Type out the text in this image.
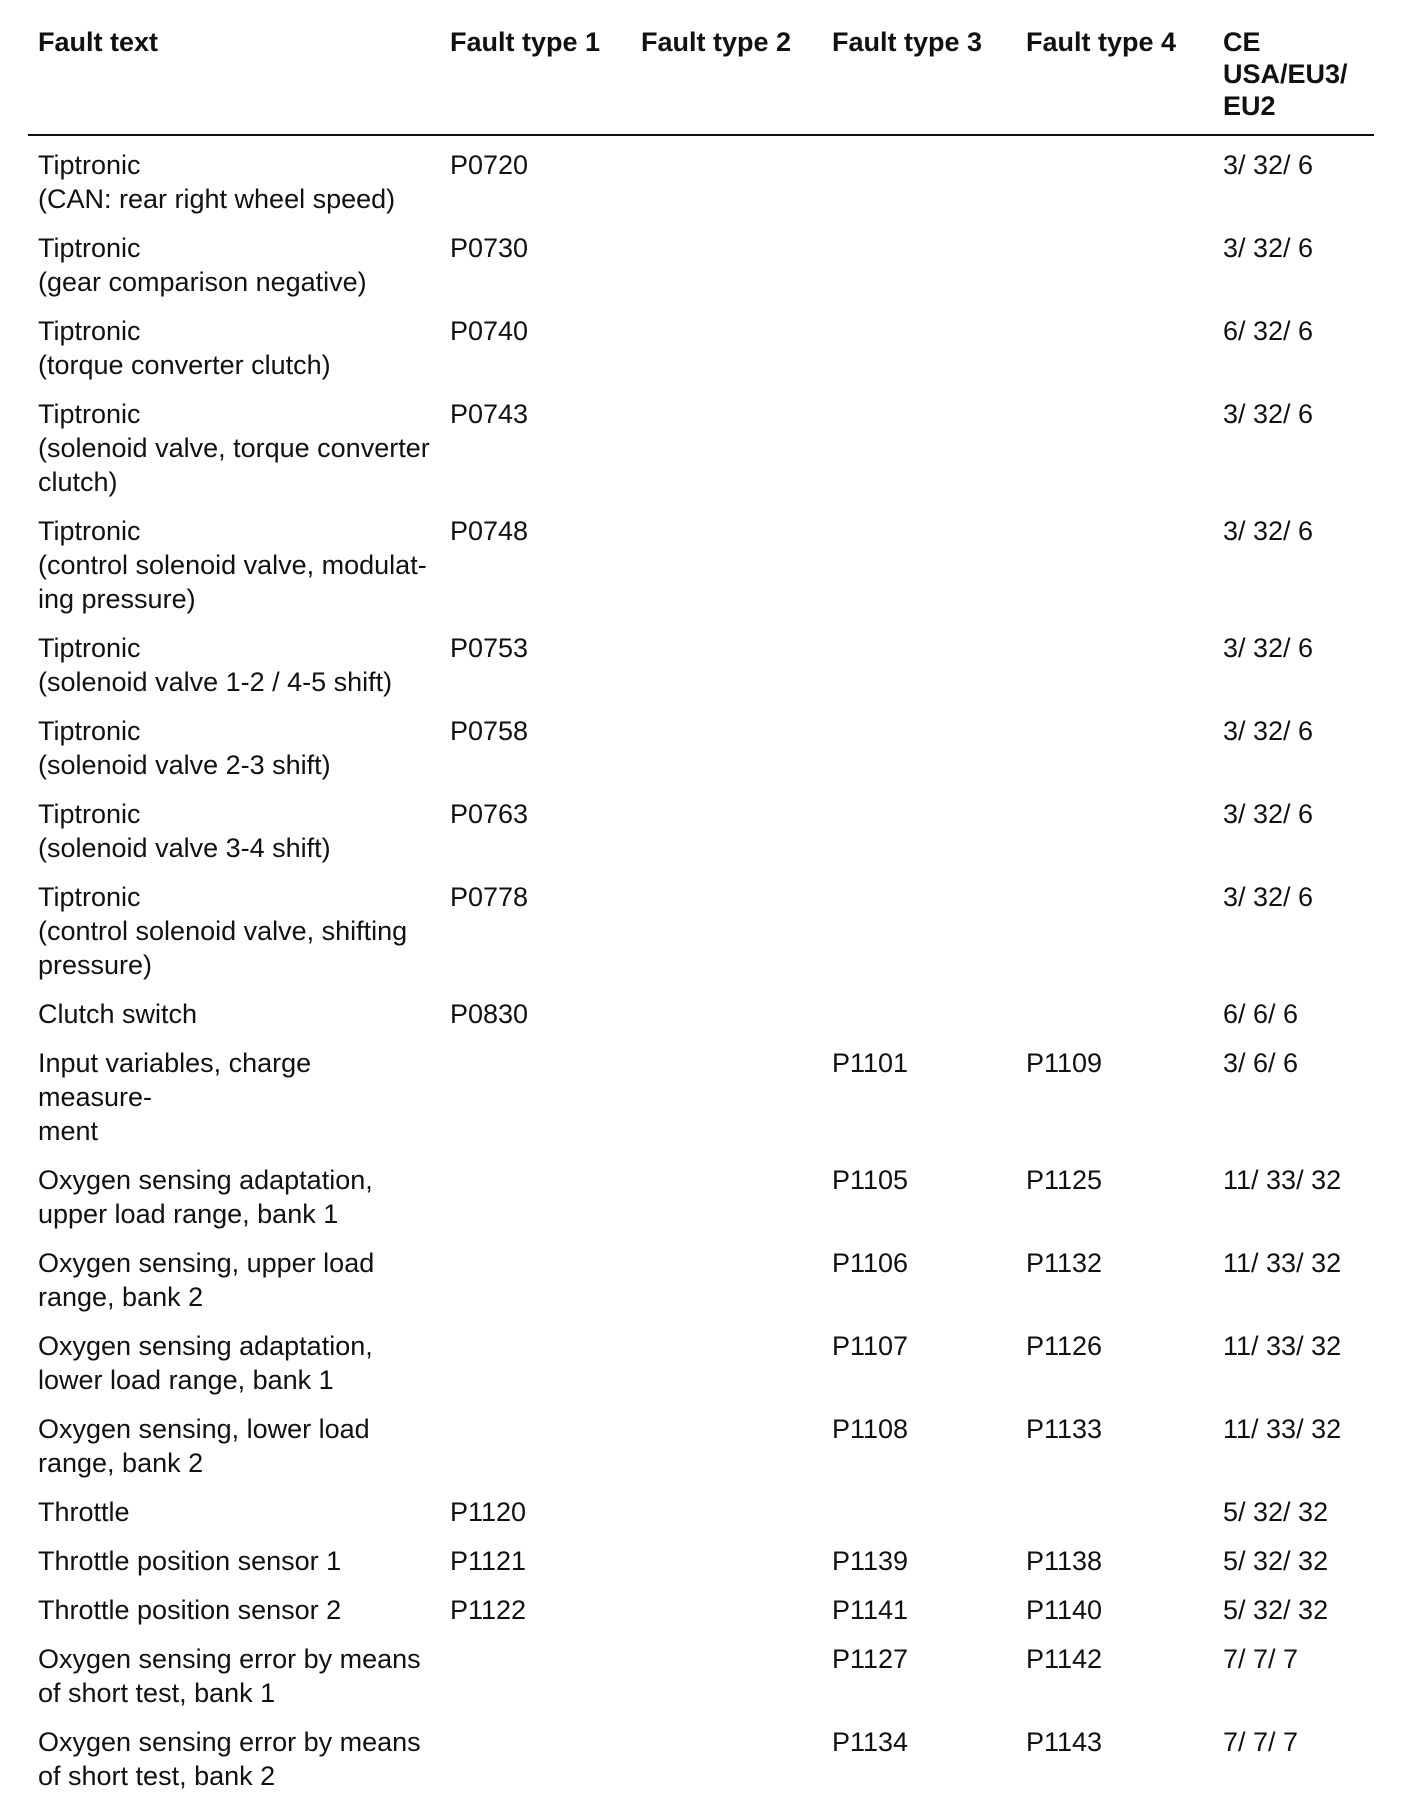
Fault text	Fault type 1	Fault type 2	Fault type 3	Fault type 4	CE USA/EU3/ EU2
Tiptronic
(CAN: rear right wheel speed)	P0720				3/ 32/ 6
Tiptronic
(gear comparison negative)	P0730				3/ 32/ 6
Tiptronic
(torque converter clutch)	P0740				6/ 32/ 6
Tiptronic
(solenoid valve, torque converter
clutch)	P0743				3/ 32/ 6
Tiptronic
(control solenoid valve, modulat-
ing pressure)	P0748				3/ 32/ 6
Tiptronic
(solenoid valve 1-2 / 4-5 shift)	P0753				3/ 32/ 6
Tiptronic
(solenoid valve 2-3 shift)	P0758				3/ 32/ 6
Tiptronic
(solenoid valve 3-4 shift)	P0763				3/ 32/ 6
Tiptronic
(control solenoid valve, shifting
pressure)	P0778				3/ 32/ 6
Clutch switch	P0830				6/ 6/ 6
Input variables, charge measure-
ment			P1101	P1109	3/ 6/ 6
Oxygen sensing adaptation,
upper load range, bank 1			P1105	P1125	11/ 33/ 32
Oxygen sensing, upper load
range, bank 2			P1106	P1132	11/ 33/ 32
Oxygen sensing adaptation,
lower load range, bank 1			P1107	P1126	11/ 33/ 32
Oxygen sensing, lower load
range, bank 2			P1108	P1133	11/ 33/ 32
Throttle	P1120				5/ 32/ 32
Throttle position sensor 1	P1121		P1139	P1138	5/ 32/ 32
Throttle position sensor 2	P1122		P1141	P1140	5/ 32/ 32
Oxygen sensing error by means
of short test, bank 1			P1127	P1142	7/ 7/ 7
Oxygen sensing error by means
of short test, bank 2			P1134	P1143	7/ 7/ 7
